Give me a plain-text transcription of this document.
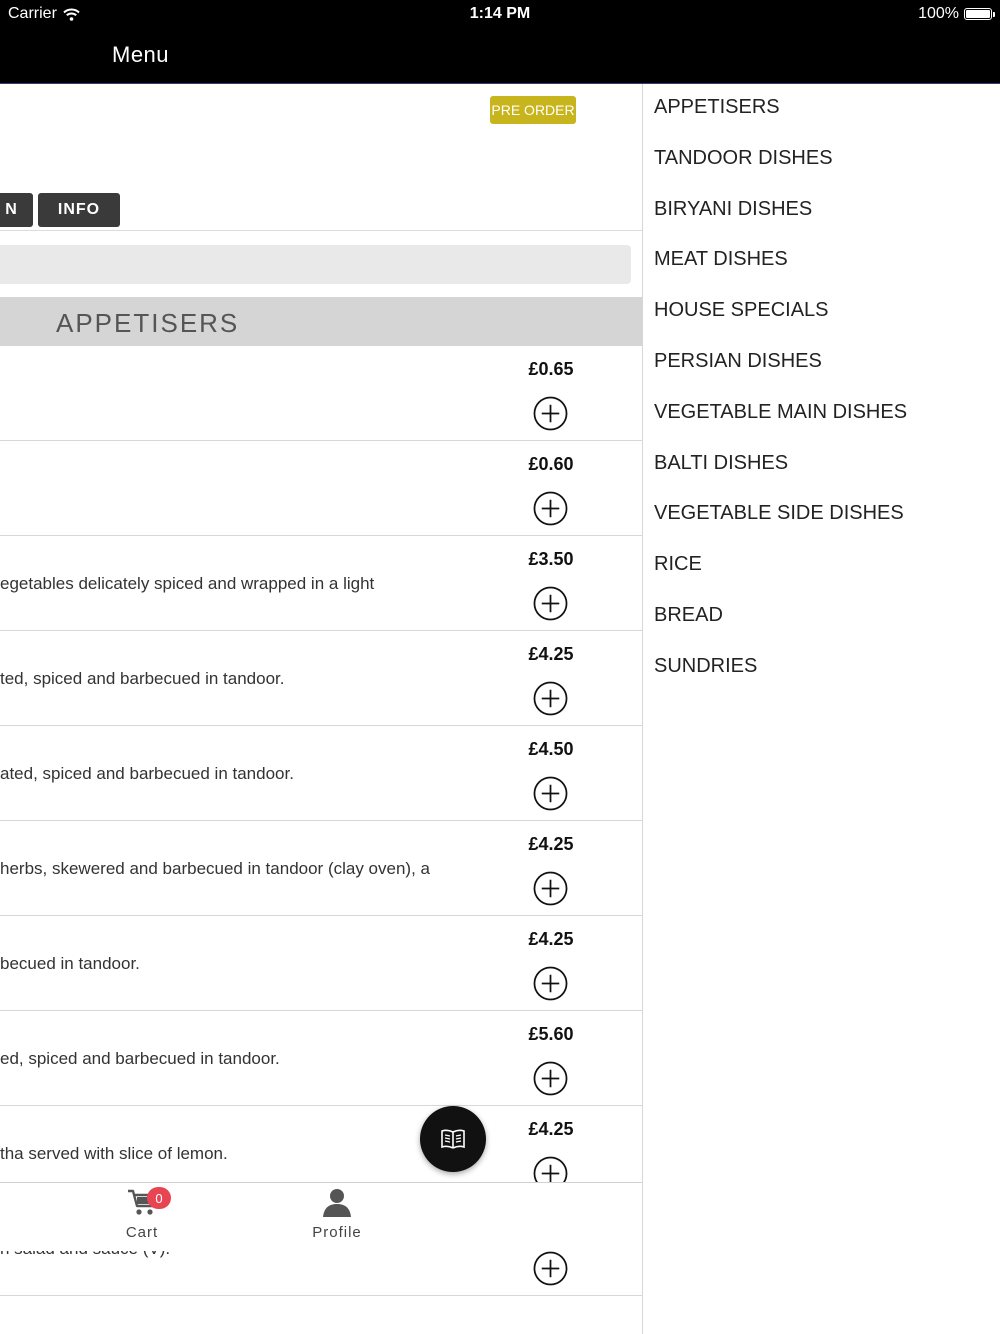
Carrier	1:14 PM	100%
Menu
PRE ORDER
N	INFO
APPETISERS
£0.65
£0.60
egetables delicately spiced and wrapped in a light
£3.50
ted, spiced and barbecued in tandoor.
£4.25
ated, spiced and barbecued in tandoor.
£4.50
herbs, skewered and barbecued in tandoor (clay oven), a
£4.25
becued in tandoor.
£4.25
ed, spiced and barbecued in tandoor.
£5.60
tha served with slice of lemon.
£4.25
0
Cart	Profile
APPETISERS
TANDOOR DISHES
BIRYANI DISHES
MEAT DISHES
HOUSE SPECIALS
PERSIAN DISHES
VEGETABLE MAIN DISHES
BALTI DISHES
VEGETABLE SIDE DISHES
RICE
BREAD
SUNDRIES
